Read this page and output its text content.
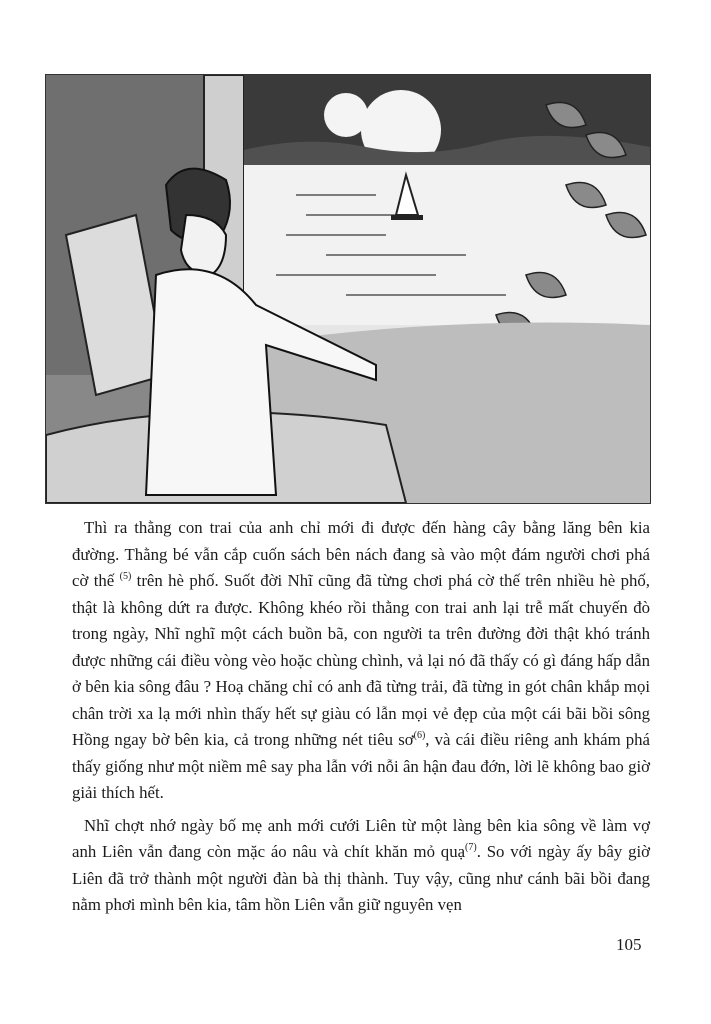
Thì ra thằng con trai của anh chỉ mới đi được đến hàng cây bằng lăng bên kia đường. Thằng bé vẫn cắp cuốn sách bên nách đang sà vào một đám người chơi phá cờ thế $^{(5)}$ trên hè phố. Suốt đời Nhĩ cũng đã từng chơi phá cờ thế trên nhiều hè phố, thật là không dứt ra được. Không khéo rồi thằng con trai anh lại trễ mất chuyến đò trong ngày, Nhĩ nghĩ một cách buồn bã, con người ta trên đường đời thật khó tránh được những cái điều vòng vèo hoặc chùng chình, vả lại nó đã thấy có gì đáng hấp dẫn ở bên kia sông đâu ? Hoạ chăng chỉ có anh đã từng trải, đã từng in gót chân khắp mọi chân trời xa lạ mới nhìn thấy hết sự giàu có lẫn mọi vẻ đẹp của một cái bãi bồi sông Hồng ngay bờ bên kia, cả trong những nét tiêu $sơ^{(6)}$, và cái điều riêng anh khám phá thấy giống như một niềm mê say pha lẫn với nỗi ân hận đau đớn, lời lẽ không bao giờ giải thích hết.

Nhĩ chợt nhớ ngày bố mẹ anh mới cưới Liên từ một làng bên kia sông về làm vợ anh Liên vẫn đang còn mặc áo nâu và chít khăn mỏ quạ$^{(7)}$. So với ngày ấy bây giờ Liên đã trở thành một người đàn bà thị thành. Tuy vậy, cũng như cánh bãi bồi đang nằm phơi mình bên kia, tâm hồn Liên vẫn giữ nguyên vẹn

105
